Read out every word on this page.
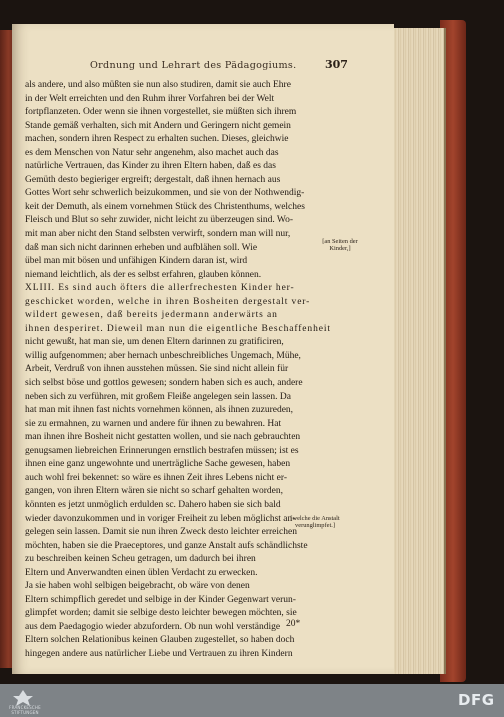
Ordnung und Lehrart des Pädagogiums.	307
als andere, und also müßten sie nun also studiren, damit sie auch Ehre
in der Welt erreichten und den Ruhm ihrer Vorfahren bei der Welt
fortpflanzeten. Oder wenn sie ihnen vorgestellet, sie müßten sich ihrem
Stande gemäß verhalten, sich mit Andern und Geringern nicht gemein
machen, sondern ihren Respect zu erhalten suchen. Dieses, gleichwie
es dem Menschen von Natur sehr angenehm, also machet auch das
natürliche Vertrauen, das Kinder zu ihren Eltern haben, daß es das
Gemüth desto begieriger ergreift; dergestalt, daß ihnen hernach aus
Gottes Wort sehr schwerlich beizukommen, und sie von der Nothwendig-
keit der Demuth, als einem vornehmen Stück des Christenthums, welches
Fleisch und Blut so sehr zuwider, nicht leicht zu überzeugen sind. Wo-
mit man aber nicht den Stand selbsten verwirft, sondern man will nur,
daß man sich nicht darinnen erheben und aufblähen soll. Wie
übel man mit bösen und unfähigen Kindern daran ist, wird
niemand leichtlich, als der es selbst erfahren, glauben können.
XLIII. Es sind auch öfters die allerfrechesten Kinder her-
geschicket worden, welche in ihren Bosheiten dergestalt ver-
wildert gewesen, daß bereits jedermann anderwärts an
ihnen desperiret. Dieweil man nun die eigentliche Beschaffenheit
nicht gewußt, hat man sie, um denen Eltern darinnen zu gratificiren,
willig aufgenommen; aber hernach unbeschreibliches Ungemach, Mühe,
Arbeit, Verdruß von ihnen ausstehen müssen. Sie sind nicht allein für
sich selbst böse und gottlos gewesen; sondern haben sich es auch, andere
neben sich zu verführen, mit großem Fleiße angelegen sein lassen. Da
hat man mit ihnen fast nichts vornehmen können, als ihnen zuzureden,
sie zu ermahnen, zu warnen und andere für ihnen zu bewahren. Hat
man ihnen ihre Bosheit nicht gestatten wollen, und sie nach gebrauchten
genugsamen liebreichen Erinnerungen ernstlich bestrafen müssen; ist es
ihnen eine ganz ungewohnte und unerträgliche Sache gewesen, haben
auch wohl frei bekennet: so wäre es ihnen Zeit ihres Lebens nicht er-
gangen, von ihren Eltern wären sie nicht so scharf gehalten worden,
könnten es jetzt unmöglich erdulden sc. Dahero haben sie sich bald
wieder davonzukommen und in voriger Freiheit zu leben möglichst an-
gelegen sein lassen. Damit sie nun ihren Zweck desto leichter erreichen
möchten, haben sie die Praeceptores, und ganze Anstalt aufs schändlichste
zu beschreiben keinen Scheu getragen, um dadurch bei ihren
Eltern und Anverwandten einen üblen Verdacht zu erwecken.
Ja sie haben wohl selbigen beigebracht, ob wäre von denen
Eltern schimpflich geredet und selbige in der Kinder Gegenwart verun-
glimpfet worden; damit sie selbige desto leichter bewegen möchten, sie
aus dem Paedagogio wieder abzufordern. Ob nun wohl verständige
Eltern solchen Relationibus keinen Glauben zugestellet, so haben doch
hingegen andere aus natürlicher Liebe und Vertrauen zu ihren Kindern
[an Seiten der Kinder,]
[welche die Anstalt verunglimpfet.]
20*
FRANCKESCHE STIFTUNGEN
DFG
